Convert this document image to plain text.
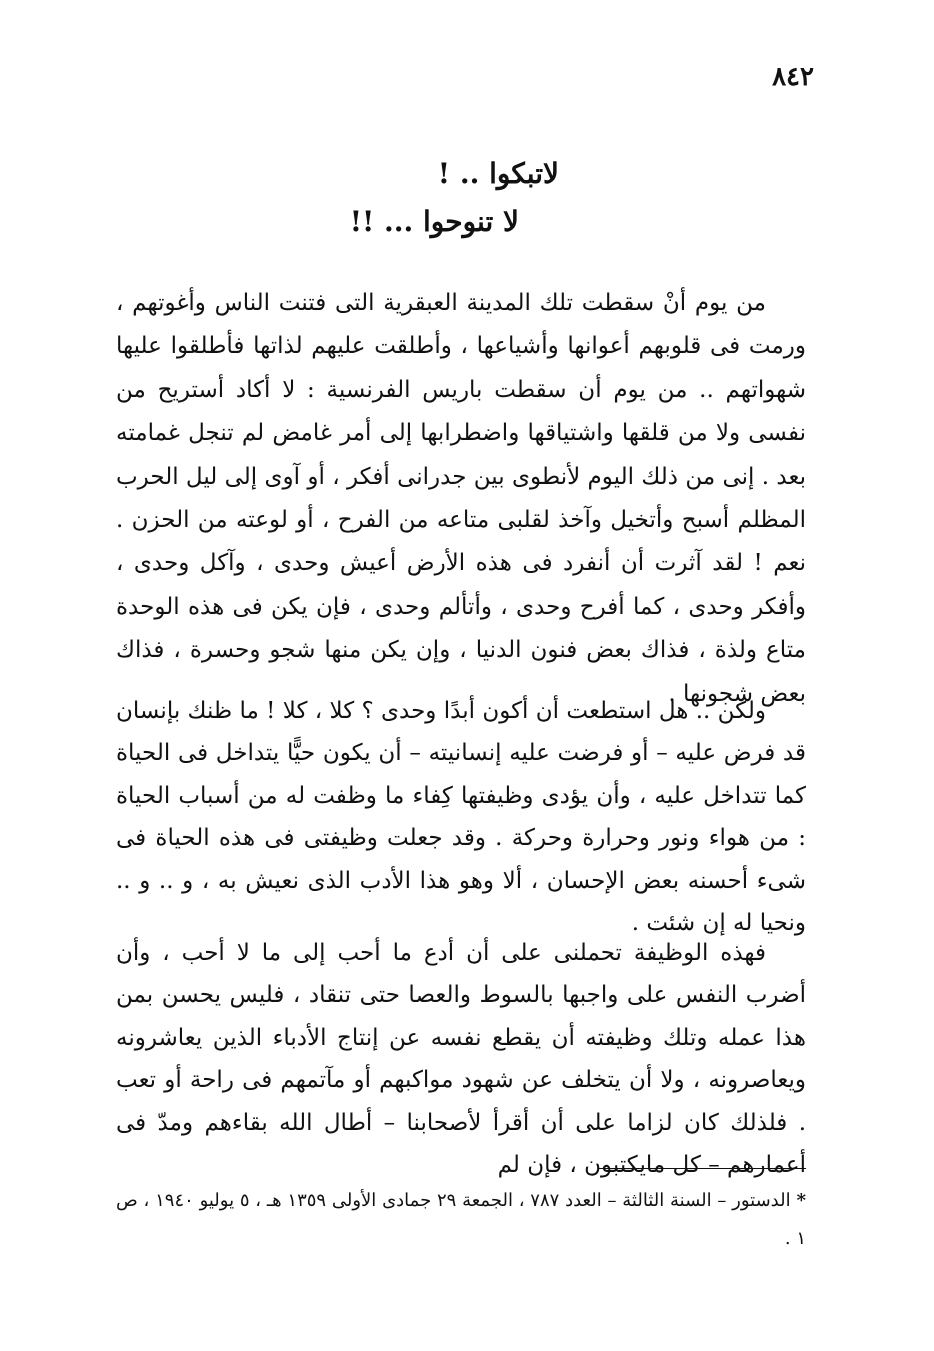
٨٤٢
لاتبكوا .. !
لا تنوحوا ... !!

من يوم أنْ سقطت تلك المدينة العبقرية التى فتنت الناس وأغوتهم ، ورمت فى قلوبهم أعوانها وأشياعها ، وأطلقت عليهم لذاتها فأطلقوا عليها شهواتهم .. من يوم أن سقطت باريس الفرنسية : لا أكاد أستريح من نفسى ولا من قلقها واشتياقها واضطرابها إلى أمر غامض لم تنجل غمامته بعد . إنى من ذلك اليوم لأنطوى بين جدرانى أفكر ، أو آوى إلى ليل الحرب المظلم أسبح وأتخيل وآخذ لقلبى متاعه من الفرح ، أو لوعته من الحزن . نعم ! لقد آثرت أن أنفرد فى هذه الأرض أعيش وحدى ، وآكل وحدى ، وأفكر وحدى ، كما أفرح وحدى ، وأتألم وحدى ، فإن يكن فى هذه الوحدة متاع ولذة ، فذاك بعض فنون الدنيا ، وإن يكن منها شجو وحسرة ، فذاك بعض شجونها .

ولكن .. هل استطعت أن أكون أبدًا وحدى ؟ كلا ، كلا ! ما ظنك بإنسان قد فرض عليه – أو فرضت عليه إنسانيته – أن يكون حيًّا يتداخل فى الحياة كما تتداخل عليه ، وأن يؤدى وظيفتها كِفاء ما وظفت له من أسباب الحياة : من هواء ونور وحرارة وحركة . وقد جعلت وظيفتى فى هذه الحياة فى شىء أحسنه بعض الإحسان ، ألا وهو هذا الأدب الذى نعيش به ، و .. و .. ونحيا له إن شئت .

فهذه الوظيفة تحملنى على أن أدع ما أحب إلى ما لا أحب ، وأن أضرب النفس على واجبها بالسوط والعصا حتى تنقاد ، فليس يحسن بمن هذا عمله وتلك وظيفته أن يقطع نفسه عن إنتاج الأدباء الذين يعاشرونه ويعاصرونه ، ولا أن يتخلف عن شهود مواكبهم أو مآتمهم فى راحة أو تعب . فلذلك كان لزاما على أن أقرأ لأصحابنا – أطال الله بقاءهم ومدّ فى أعمارهم – كل مايكتبون ، فإن لم

*الدستور – السنة الثالثة – العدد ٧٨٧ ، الجمعة ٢٩ جمادى الأولى ١٣٥٩ هـ ، ٥ يوليو ١٩٤٠ ، ص ١ .
